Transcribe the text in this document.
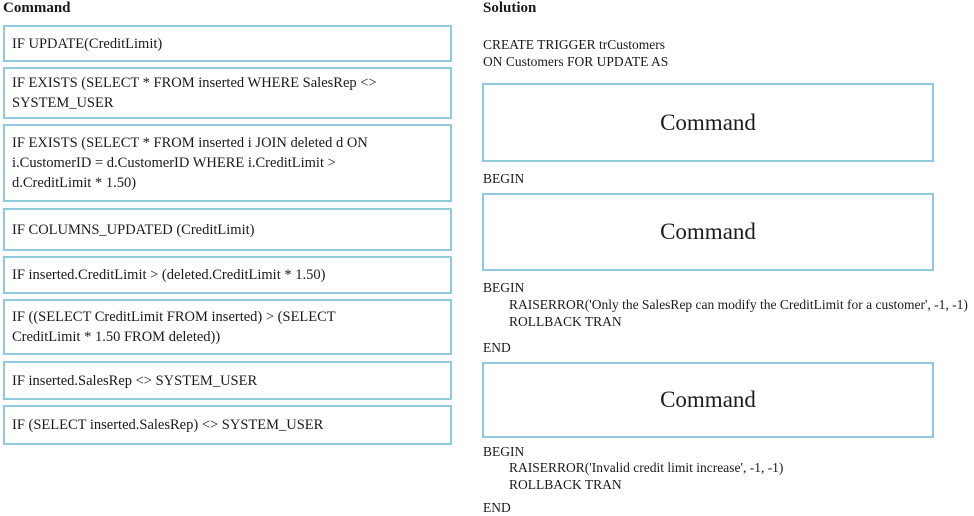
Command	Solution
IF UPDATE(CreditLimit)
IF EXISTS (SELECT * FROM inserted WHERE SalesRep <>
SYSTEM_USER
IF EXISTS (SELECT * FROM inserted i JOIN deleted d ON
i.CustomerID = d.CustomerID WHERE i.CreditLimit >
d.CreditLimit * 1.50)
IF COLUMNS_UPDATED (CreditLimit)
IF inserted.CreditLimit > (deleted.CreditLimit * 1.50)
IF ((SELECT CreditLimit FROM inserted) > (SELECT
CreditLimit * 1.50 FROM deleted))
IF inserted.SalesRep <> SYSTEM_USER
IF (SELECT inserted.SalesRep) <> SYSTEM_USER
CREATE TRIGGER trCustomers
ON Customers FOR UPDATE AS
Command
BEGIN
Command
BEGIN
RAISERROR('Only the SalesRep can modify the CreditLimit for a customer', -1, -1)
ROLLBACK TRAN
END
Command
BEGIN
RAISERROR('Invalid credit limit increase', -1, -1)
ROLLBACK TRAN
END
